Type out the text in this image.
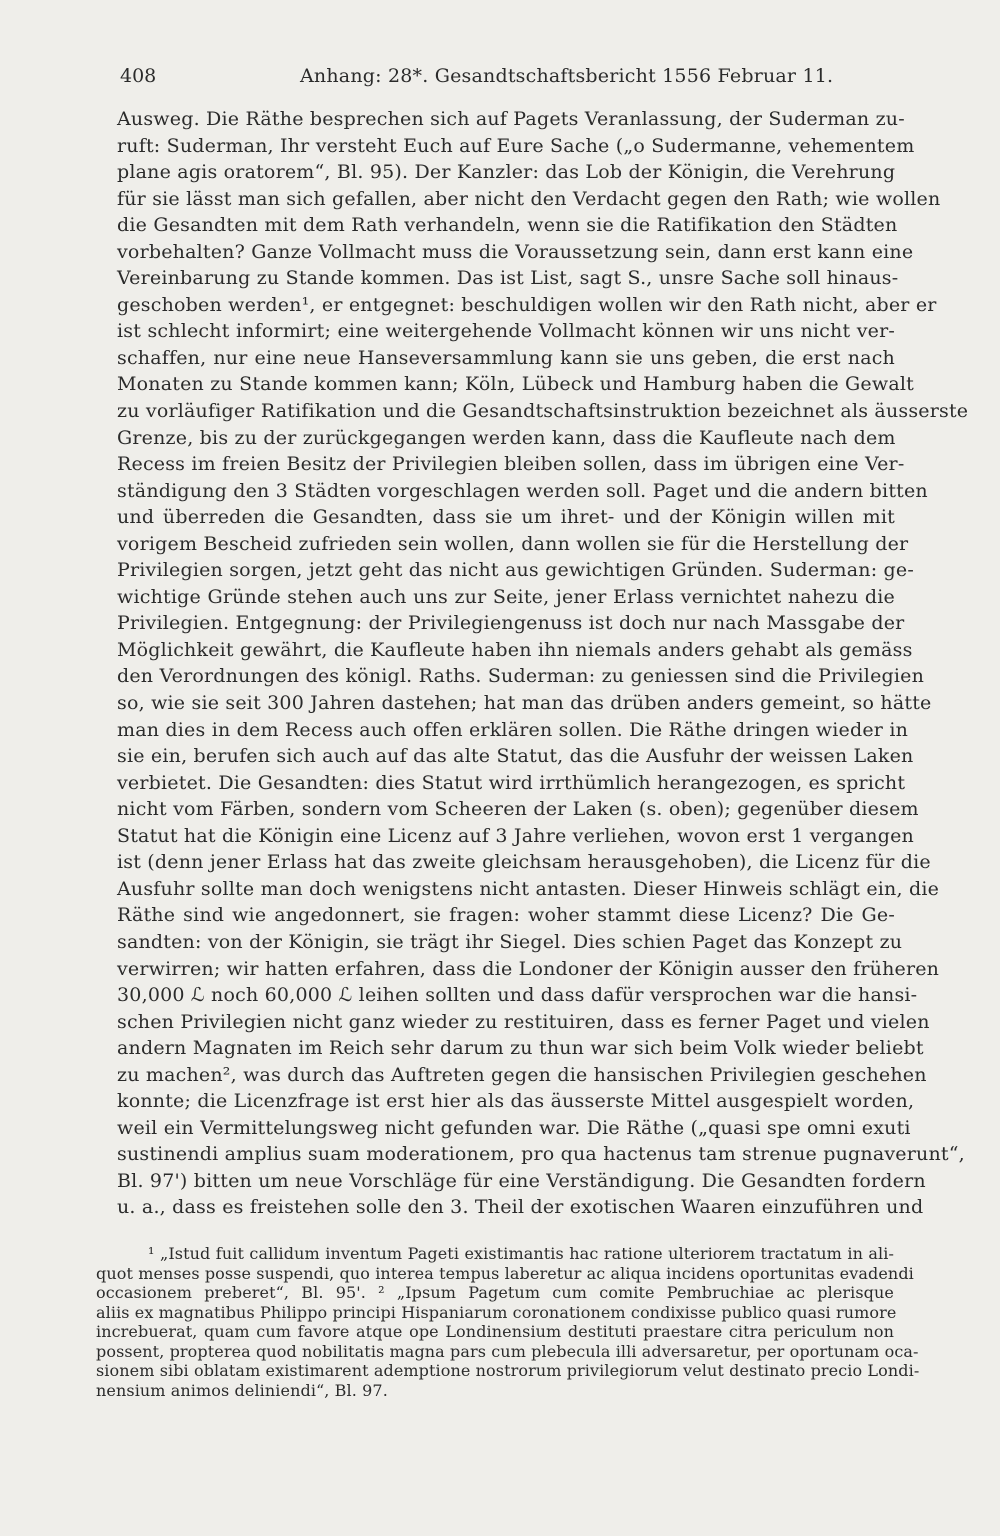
408	Anhang: 28*. Gesandtschaftsbericht 1556 Februar 11.
Ausweg. Die Räthe besprechen sich auf Pagets Veranlassung, der Suderman zu-
ruft: Suderman, Ihr versteht Euch auf Eure Sache („o Sudermanne, vehementem
plane agis oratorem“, Bl. 95). Der Kanzler: das Lob der Königin, die Verehrung
für sie lässt man sich gefallen, aber nicht den Verdacht gegen den Rath; wie wollen
die Gesandten mit dem Rath verhandeln, wenn sie die Ratifikation den Städten
vorbehalten? Ganze Vollmacht muss die Voraussetzung sein, dann erst kann eine
Vereinbarung zu Stande kommen. Das ist List, sagt S., unsre Sache soll hinaus-
geschoben werden¹, er entgegnet: beschuldigen wollen wir den Rath nicht, aber er
ist schlecht informirt; eine weitergehende Vollmacht können wir uns nicht ver-
schaffen, nur eine neue Hanseversammlung kann sie uns geben, die erst nach
Monaten zu Stande kommen kann; Köln, Lübeck und Hamburg haben die Gewalt
zu vorläufiger Ratifikation und die Gesandtschaftsinstruktion bezeichnet als äusserste
Grenze, bis zu der zurückgegangen werden kann, dass die Kaufleute nach dem
Recess im freien Besitz der Privilegien bleiben sollen, dass im übrigen eine Ver-
ständigung den 3 Städten vorgeschlagen werden soll. Paget und die andern bitten
und überreden die Gesandten, dass sie um ihret- und der Königin willen mit
vorigem Bescheid zufrieden sein wollen, dann wollen sie für die Herstellung der
Privilegien sorgen, jetzt geht das nicht aus gewichtigen Gründen. Suderman: ge-
wichtige Gründe stehen auch uns zur Seite, jener Erlass vernichtet nahezu die
Privilegien. Entgegnung: der Privilegiengenuss ist doch nur nach Massgabe der
Möglichkeit gewährt, die Kaufleute haben ihn niemals anders gehabt als gemäss
den Verordnungen des königl. Raths. Suderman: zu geniessen sind die Privilegien
so, wie sie seit 300 Jahren dastehen; hat man das drüben anders gemeint, so hätte
man dies in dem Recess auch offen erklären sollen. Die Räthe dringen wieder in
sie ein, berufen sich auch auf das alte Statut, das die Ausfuhr der weissen Laken
verbietet. Die Gesandten: dies Statut wird irrthümlich herangezogen, es spricht
nicht vom Färben, sondern vom Scheeren der Laken (s. oben); gegenüber diesem
Statut hat die Königin eine Licenz auf 3 Jahre verliehen, wovon erst 1 vergangen
ist (denn jener Erlass hat das zweite gleichsam herausgehoben), die Licenz für die
Ausfuhr sollte man doch wenigstens nicht antasten. Dieser Hinweis schlägt ein, die
Räthe sind wie angedonnert, sie fragen: woher stammt diese Licenz? Die Ge-
sandten: von der Königin, sie trägt ihr Siegel. Dies schien Paget das Konzept zu
verwirren; wir hatten erfahren, dass die Londoner der Königin ausser den früheren
30,000 ℒ noch 60,000 ℒ leihen sollten und dass dafür versprochen war die hansi-
schen Privilegien nicht ganz wieder zu restituiren, dass es ferner Paget und vielen
andern Magnaten im Reich sehr darum zu thun war sich beim Volk wieder beliebt
zu machen², was durch das Auftreten gegen die hansischen Privilegien geschehen
konnte; die Licenzfrage ist erst hier als das äusserste Mittel ausgespielt worden,
weil ein Vermittelungsweg nicht gefunden war. Die Räthe („quasi spe omni exuti
sustinendi amplius suam moderationem, pro qua hactenus tam strenue pugnaverunt“,
Bl. 97') bitten um neue Vorschläge für eine Verständigung. Die Gesandten fordern
u. a., dass es freistehen solle den 3. Theil der exotischen Waaren einzuführen und
¹ „Istud fuit callidum inventum Pageti existimantis hac ratione ulteriorem tractatum in ali-
quot menses posse suspendi, quo interea tempus laberetur ac aliqua incidens oportunitas evadendi
occasionem preberet“, Bl. 95'. ² „Ipsum Pagetum cum comite Pembruchiae ac plerisque
aliis ex magnatibus Philippo principi Hispaniarum coronationem condixisse publico quasi rumore
increbuerat, quam cum favore atque ope Londinensium destituti praestare citra periculum non
possent, propterea quod nobilitatis magna pars cum plebecula illi adversaretur, per oportunam oca-
sionem sibi oblatam existimarent ademptione nostrorum privilegiorum velut destinato precio Londi-
nensium animos deliniendi“, Bl. 97.
